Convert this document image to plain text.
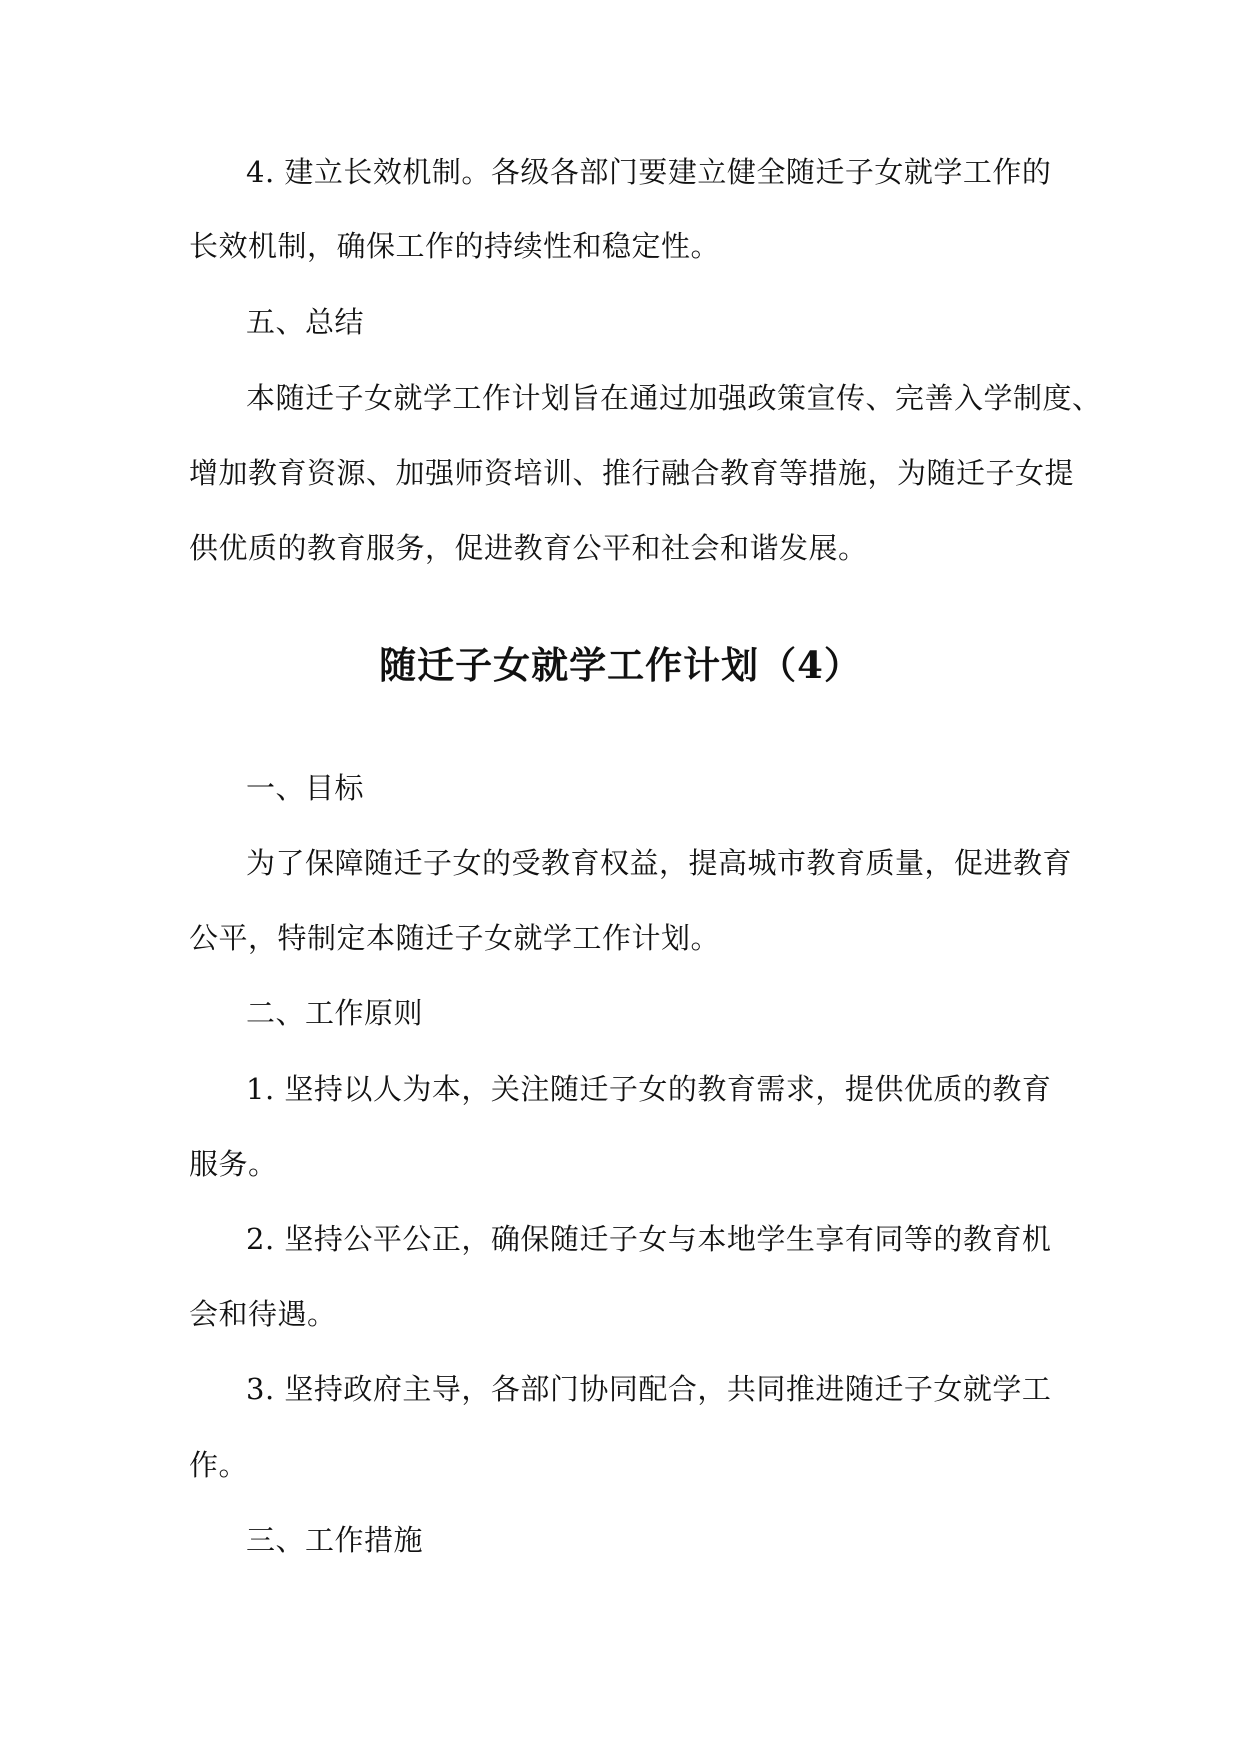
4. 建立长效机制。各级各部门要建立健全随迁子女就学工作的
长效机制，确保工作的持续性和稳定性。
五、总结
本随迁子女就学工作计划旨在通过加强政策宣传、完善入学制度、
增加教育资源、加强师资培训、推行融合教育等措施，为随迁子女提
供优质的教育服务，促进教育公平和社会和谐发展。
随迁子女就学工作计划（4）
一、目标
为了保障随迁子女的受教育权益，提高城市教育质量，促进教育
公平，特制定本随迁子女就学工作计划。
二、工作原则
1. 坚持以人为本，关注随迁子女的教育需求，提供优质的教育
服务。
2. 坚持公平公正，确保随迁子女与本地学生享有同等的教育机
会和待遇。
3. 坚持政府主导，各部门协同配合，共同推进随迁子女就学工
作。
三、工作措施
